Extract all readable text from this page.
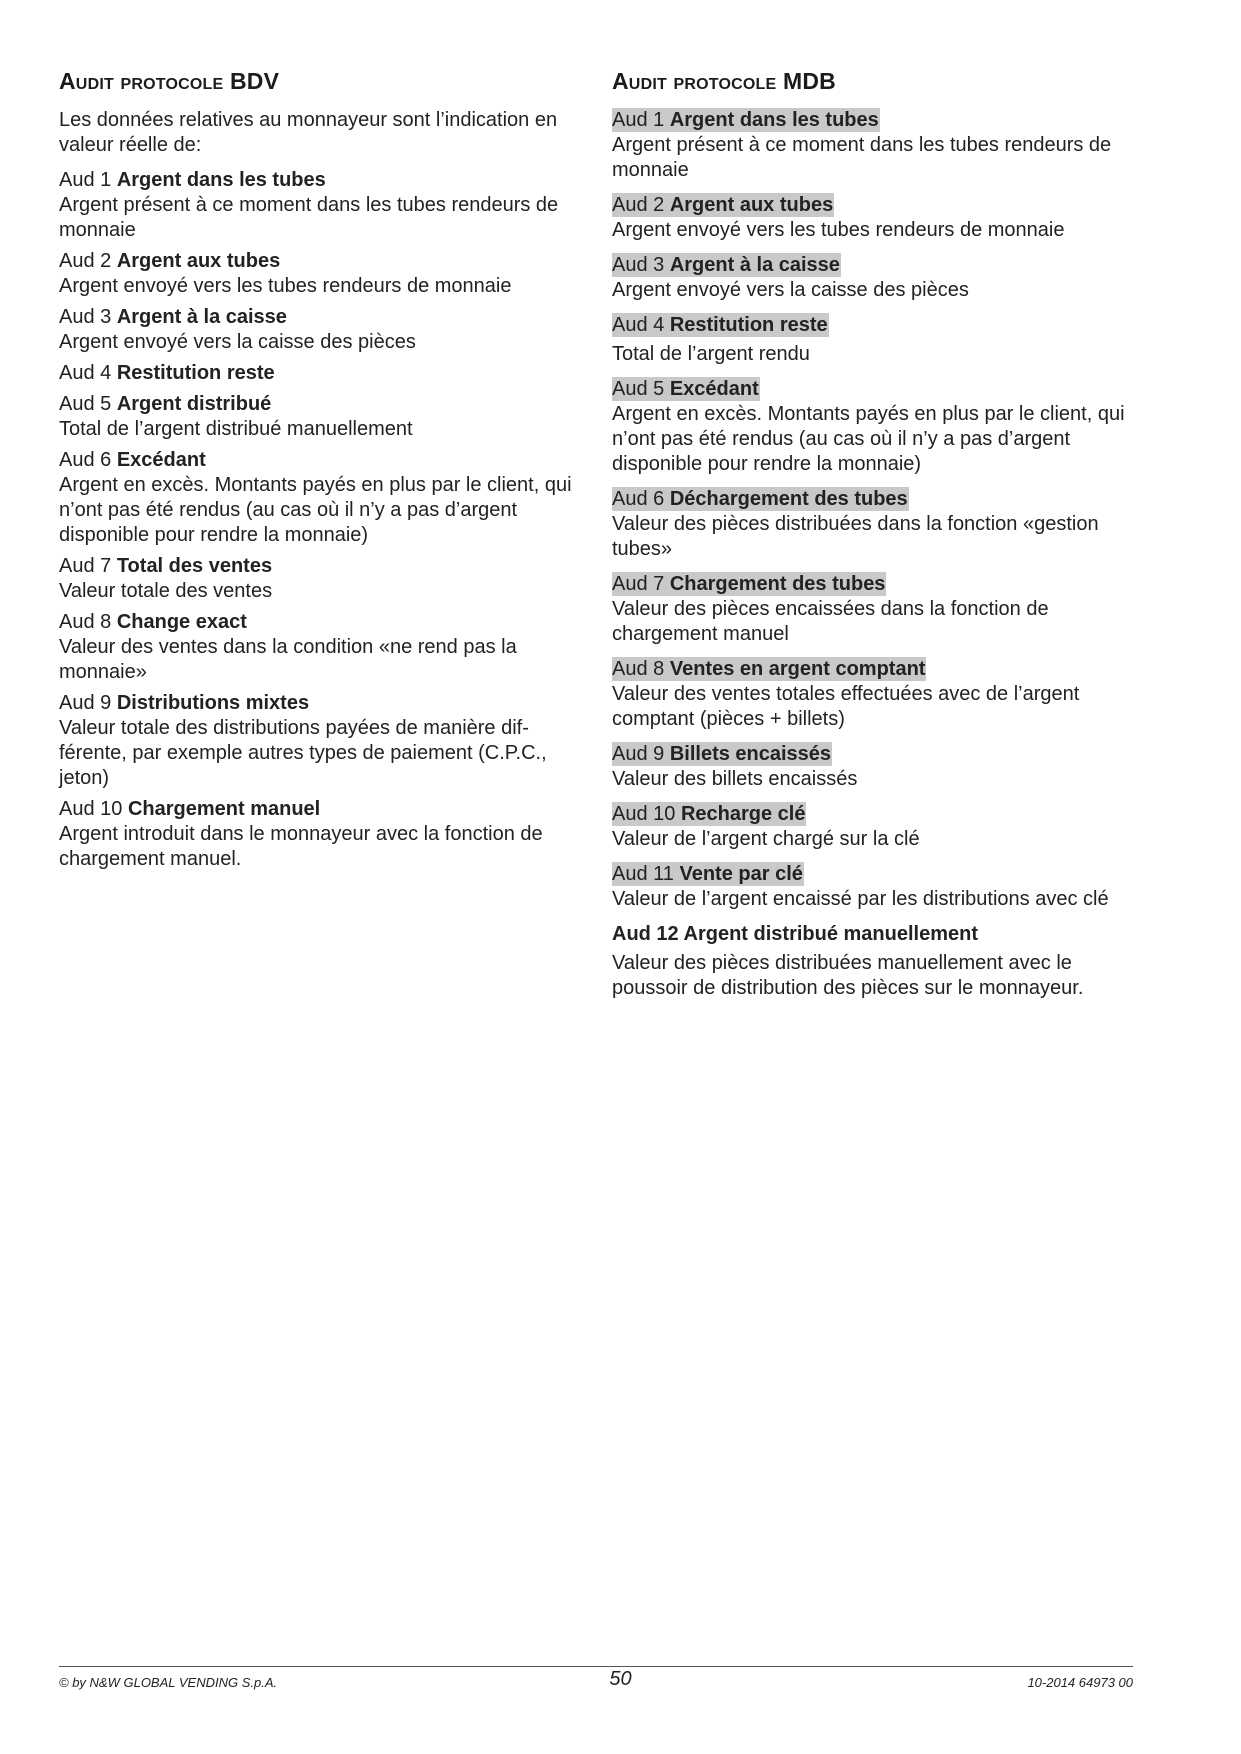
Audit protocole BDV

Les données relatives au monnayeur sont l’indication en valeur réelle de:

Aud 1 Argent dans les tubes
Argent présent à ce moment dans les tubes rendeurs de monnaie
Aud 2 Argent aux tubes
Argent envoyé vers les tubes rendeurs de monnaie
Aud 3 Argent à la caisse
Argent envoyé vers la caisse des pièces
Aud 4 Restitution reste
Aud 5 Argent distribué
Total de l’argent distribué manuellement
Aud 6 Excédant
Argent en excès. Montants payés en plus par le client, qui n’ont pas été rendus (au cas où il n’y a pas d’argent disponible pour rendre la monnaie)
Aud 7 Total des ventes
Valeur totale des ventes
Aud 8 Change exact
Valeur des ventes dans la condition «ne rend pas la monnaie»
Aud 9 Distributions mixtes
Valeur totale des distributions payées de manière dif-férente, par exemple autres types de paiement (C.P.C., jeton)
Aud 10 Chargement manuel
Argent introduit dans le monnayeur avec la fonction de chargement manuel.
Audit protocole MDB
Aud 1 Argent dans les tubes
Argent présent à ce moment dans les tubes rendeurs de monnaie
Aud 2 Argent aux tubes
Argent envoyé vers les tubes rendeurs de monnaie
Aud 3 Argent à la caisse
Argent envoyé vers la caisse des pièces
Aud 4 Restitution reste
Total de l’argent rendu
Aud 5 Excédant
Argent en excès. Montants payés en plus par le client, qui n’ont pas été rendus (au cas où il n’y a pas d’argent disponible pour rendre la monnaie)
Aud 6 Déchargement des tubes
Valeur des pièces distribuées dans la fonction «gestion tubes»
Aud 7 Chargement des tubes
Valeur des pièces encaissées dans la fonction de chargement manuel
Aud 8 Ventes en argent comptant
Valeur des ventes totales effectuées avec de l’argent comptant (pièces + billets)
Aud 9 Billets encaissés
Valeur des billets encaissés
Aud 10 Recharge clé
Valeur de l’argent chargé sur la clé
Aud 11 Vente par clé
Valeur de l’argent encaissé par les distributions avec clé
Aud 12 Argent distribué manuellement
Valeur des pièces distribuées manuellement avec le poussoir de distribution des pièces sur le monnayeur.
© by N&W GLOBAL VENDING S.p.A.	50	10-2014 64973 00
